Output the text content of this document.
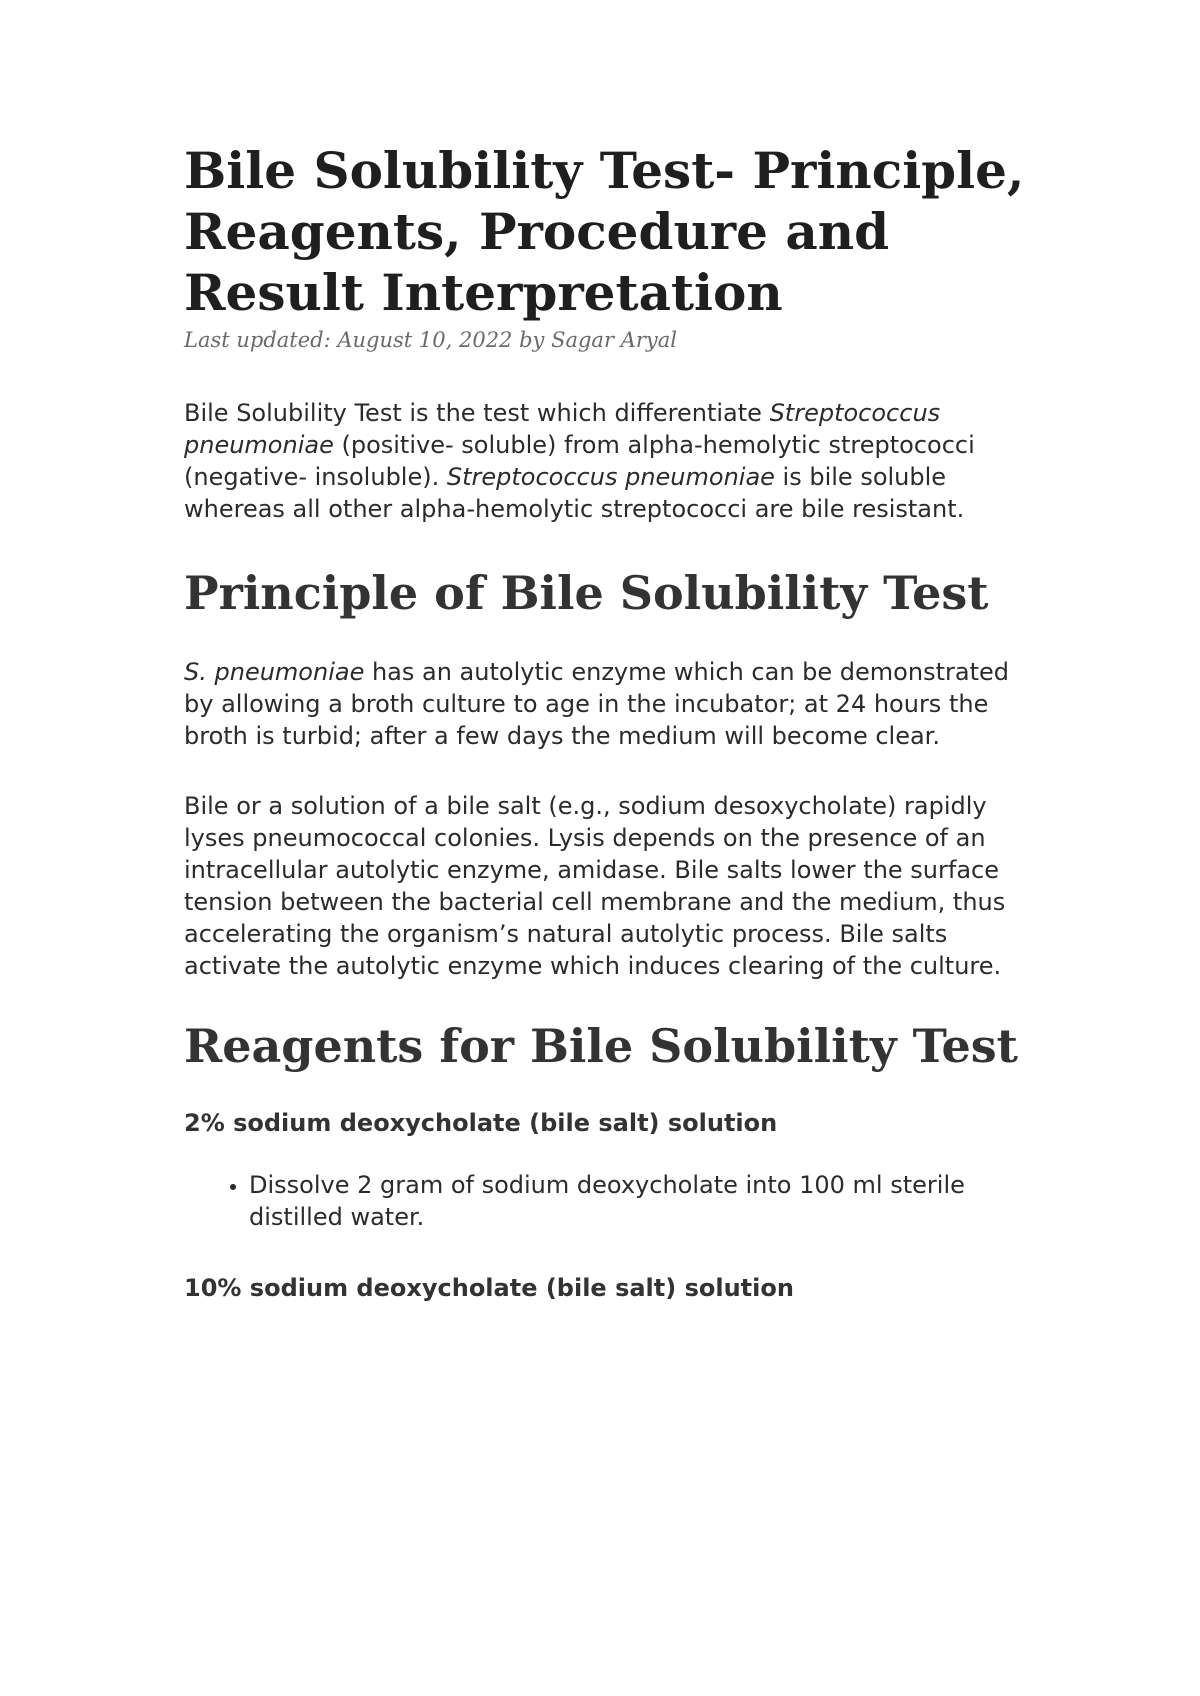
Bile Solubility Test- Principle, Reagents, Procedure and Result Interpretation
Last updated: August 10, 2022 by Sagar Aryal

Bile Solubility Test is the test which differentiate Streptococcus pneumoniae (positive- soluble) from alpha-hemolytic streptococci (negative- insoluble). Streptococcus pneumoniae is bile soluble whereas all other alpha-hemolytic streptococci are bile resistant.

Principle of Bile Solubility Test

S. pneumoniae has an autolytic enzyme which can be demonstrated by allowing a broth culture to age in the incubator; at 24 hours the broth is turbid; after a few days the medium will become clear.

Bile or a solution of a bile salt (e.g., sodium desoxycholate) rapidly lyses pneumococcal colonies. Lysis depends on the presence of an intracellular autolytic enzyme, amidase. Bile salts lower the surface tension between the bacterial cell membrane and the medium, thus accelerating the organism’s natural autolytic process. Bile salts activate the autolytic enzyme which induces clearing of the culture.

Reagents for Bile Solubility Test

2% sodium deoxycholate (bile salt) solution

• Dissolve 2 gram of sodium deoxycholate into 100 ml sterile distilled water.

10% sodium deoxycholate (bile salt) solution
